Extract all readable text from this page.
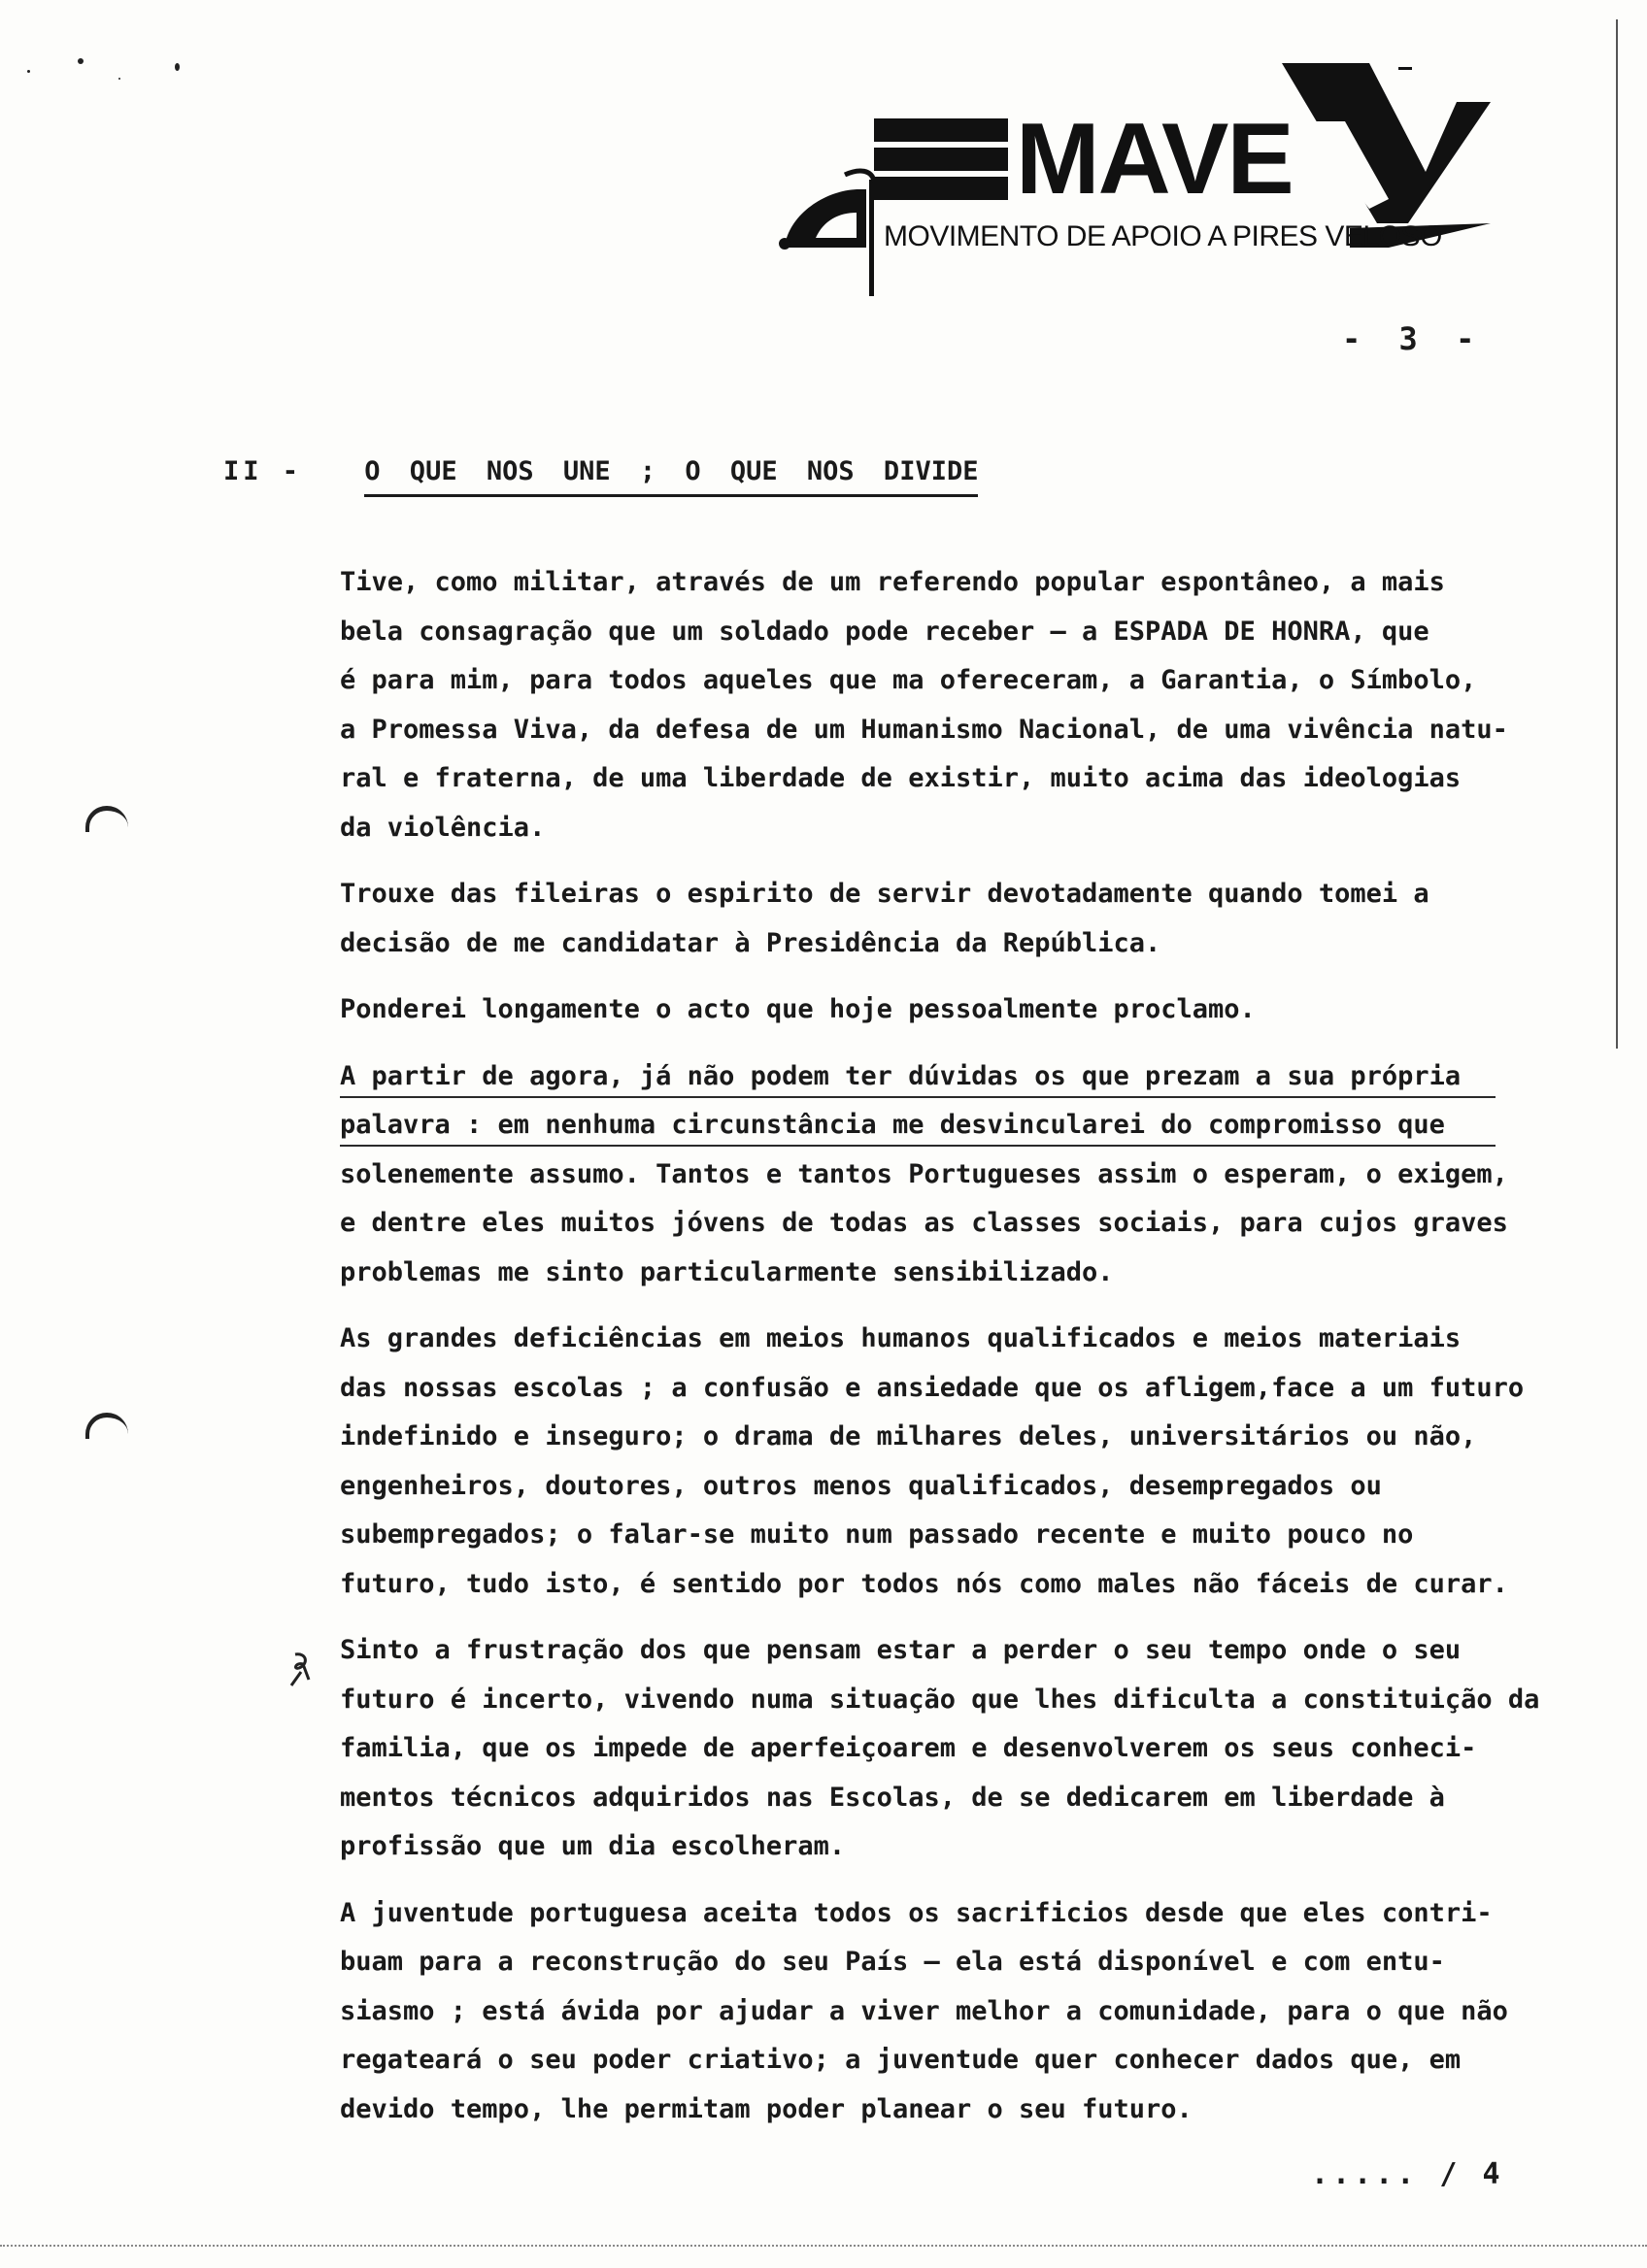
MAVE
MOVIMENTO DE APOIO A PIRES VELOSO
- 3 -
II - O QUE NOS UNE ; O QUE NOS DIVIDE
Tive, como militar, através de um referendo popular espontâneo, a mais
bela consagração que um soldado pode receber — a ESPADA DE HONRA, que
é para mim, para todos aqueles que ma ofereceram, a Garantia, o Símbolo,
a Promessa Viva, da defesa de um Humanismo Nacional, de uma vivência natu-
ral e fraterna, de uma liberdade de existir, muito acima das ideologias
da violência.
Trouxe das fileiras o espirito de servir devotadamente quando tomei a
decisão de me candidatar à Presidência da República.
Ponderei longamente o acto que hoje pessoalmente proclamo.
A partir de agora, já não podem ter dúvidas os que prezam a sua própria
palavra : em nenhuma circunstância me desvincularei do compromisso que
solenemente assumo. Tantos e tantos Portugueses assim o esperam, o exigem,
e dentre eles muitos jóvens de todas as classes sociais, para cujos graves
problemas me sinto particularmente sensibilizado.
As grandes deficiências em meios humanos qualificados e meios materiais
das nossas escolas ; a confusão e ansiedade que os afligem,face a um futuro
indefinido e inseguro; o drama de milhares deles, universitários ou não,
engenheiros, doutores, outros menos qualificados, desempregados ou
subempregados; o falar-se muito num passado recente e muito pouco no
futuro, tudo isto, é sentido por todos nós como males não fáceis de curar.
Sinto a frustração dos que pensam estar a perder o seu tempo onde o seu
futuro é incerto, vivendo numa situação que lhes dificulta a constituição da
familia, que os impede de aperfeiçoarem e desenvolverem os seus conheci-
mentos técnicos adquiridos nas Escolas, de se dedicarem em liberdade à
profissão que um dia escolheram.
A juventude portuguesa aceita todos os sacrificios desde que eles contri-
buam para a reconstrução do seu País — ela está disponível e com entu-
siasmo ; está ávida por ajudar a viver melhor a comunidade, para o que não
regateará o seu poder criativo; a juventude quer conhecer dados que, em
devido tempo, lhe permitam poder planear o seu futuro.
..... / 4
